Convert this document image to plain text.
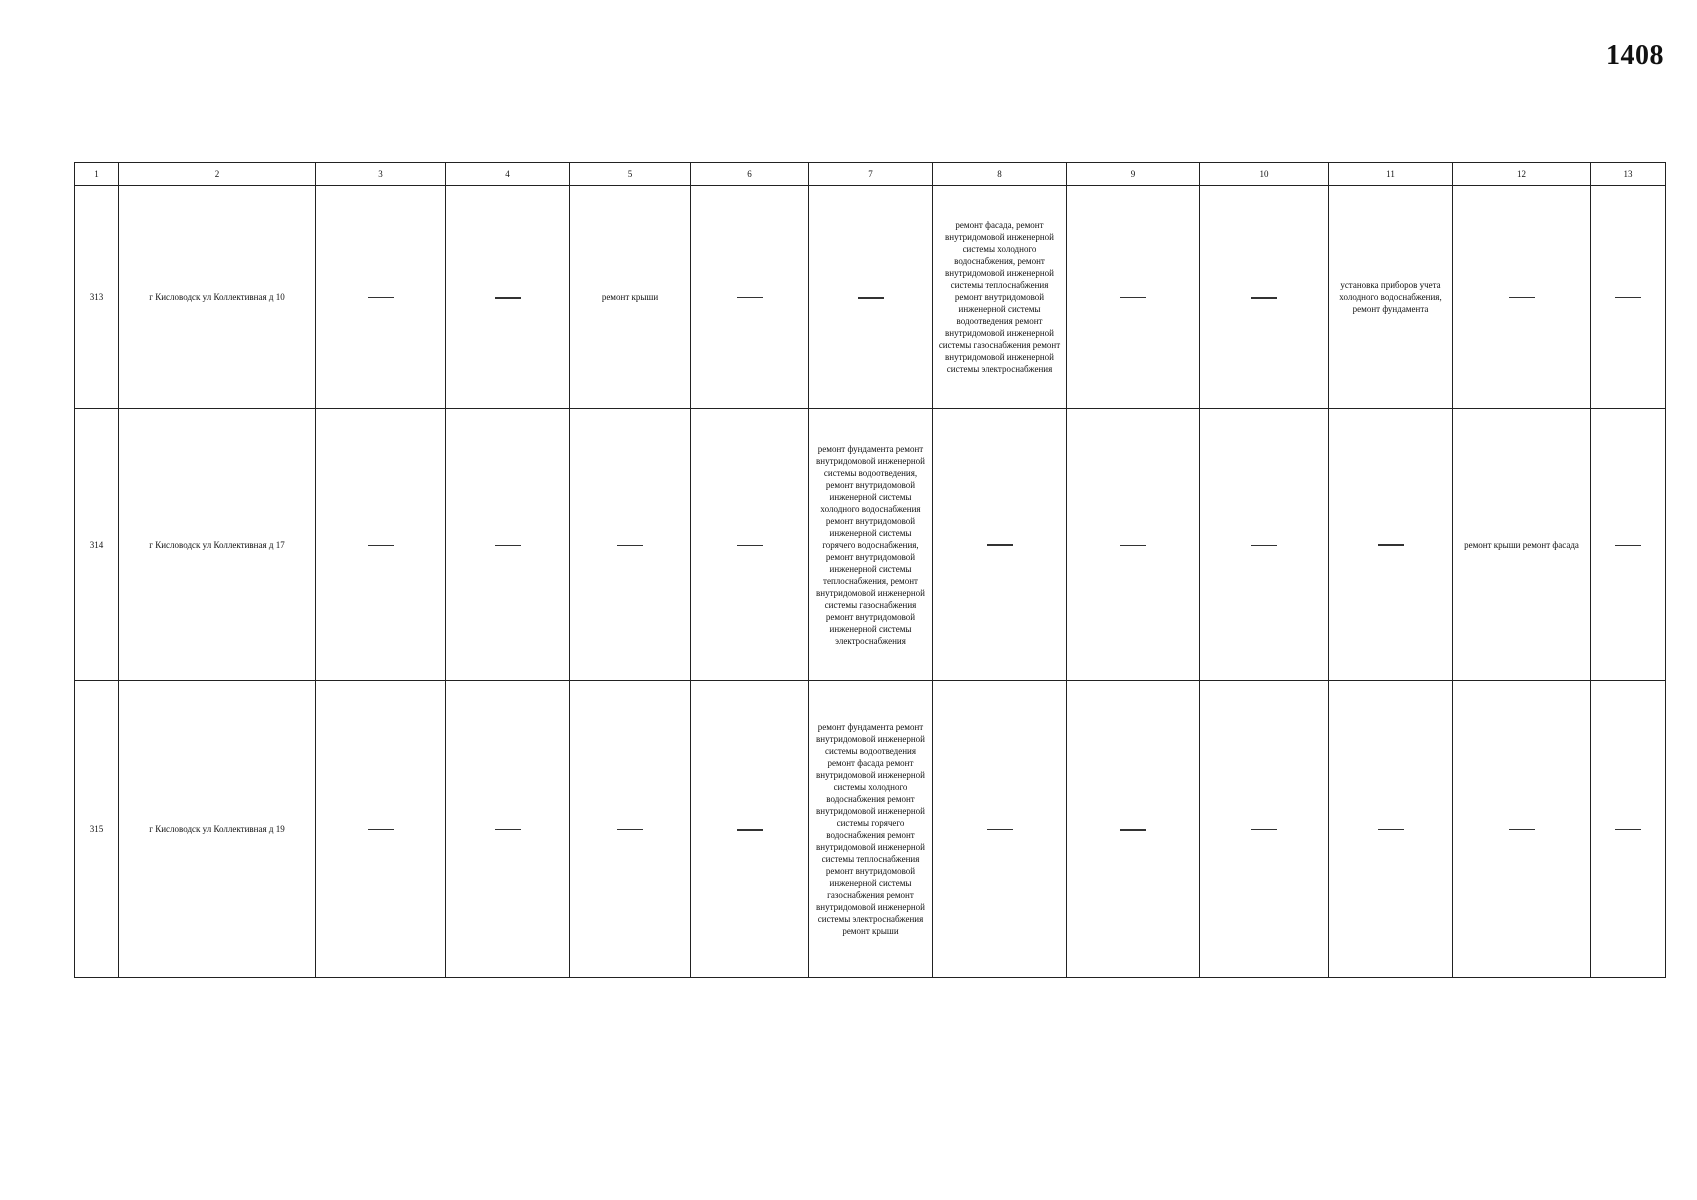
1408
1	2	3	4	5	6	7	8	9	10	11	12	13
313	г Кисловодск ул Коллективная д 10			ремонт крыши			ремонт фасада, ремонт внутридомовой инженерной системы холодного водоснабжения, ремонт внутридомовой инженерной системы теплоснабжения ремонт внутридомовой инженерной системы водоотведения ремонт внутридомовой инженерной системы газоснабжения ремонт внутридомовой инженерной системы электроснабжения			установка приборов учета холодного водоснабжения, ремонт фундамента		
314	г Кисловодск ул Коллективная д 17					ремонт фундамента ремонт внутридомовой инженерной системы водоотведения, ремонт внутридомовой инженерной системы холодного водоснабжения ремонт внутридомовой инженерной системы горячего водоснабжения, ремонт внутридомовой инженерной системы теплоснабжения, ремонт внутридомовой инженерной системы газоснабжения ремонт внутридомовой инженерной системы электроснабжения					ремонт крыши ремонт фасада	
315	г Кисловодск ул Коллективная д 19					ремонт фундамента ремонт внутридомовой инженерной системы водоотведения ремонт фасада ремонт внутридомовой инженерной системы холодного водоснабжения ремонт внутридомовой инженерной системы горячего водоснабжения ремонт внутридомовой инженерной системы теплоснабжения ремонт внутридомовой инженерной системы газоснабжения ремонт внутридомовой инженерной системы электроснабжения ремонт крыши						
